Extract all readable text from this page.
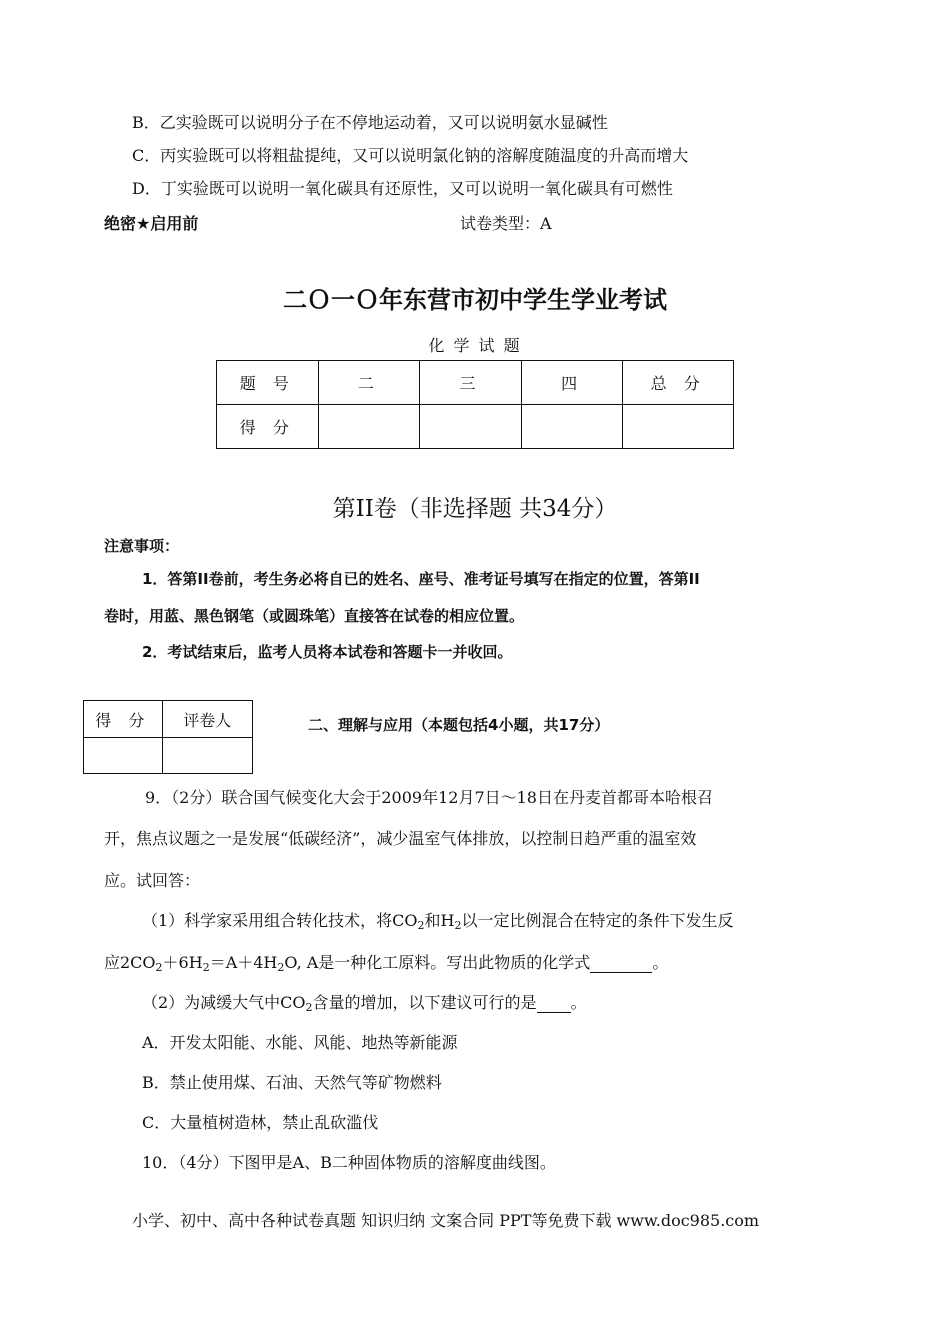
B．乙实验既可以说明分子在不停地运动着，又可以说明氨水显碱性
C．丙实验既可以将粗盐提纯，又可以说明氯化钠的溶解度随温度的升高而增大
D．丁实验既可以说明一氧化碳具有还原性，又可以说明一氧化碳具有可燃性
绝密★启用前	试卷类型：A
二Ｏ一Ｏ年东营市初中学生学业考试
化 学 试 题
题 号	二	三	四	总 分
得 分				
第II卷（非选择题 共34分）
注意事项：
1．答第II卷前，考生务必将自已的姓名、座号、准考证号填写在指定的位置，答第II
卷时，用蓝、黑色钢笔（或圆珠笔）直接答在试卷的相应位置。
2．考试结束后，监考人员将本试卷和答题卡一并收回。
得 分	评卷人
		二、理解与应用（本题包括4小题，共17分）
9．（2分）联合国气候变化大会于2009年12月7日～18日在丹麦首都哥本哈根召
开，焦点议题之一是发展“低碳经济”，减少温室气体排放，以控制日趋严重的温室效
应。试回答：
（1）科学家采用组合转化技术，将$CO_2$和$H_2$以一定比例混合在特定的条件下发生反
应$2CO_2+6H_2=A+4H_2O$, A是一种化工原料。写出此物质的化学式	。
（2）为减缓大气中$CO_2$含量的增加，以下建议可行的是 。
A．开发太阳能、水能、风能、地热等新能源
B．禁止使用煤、石油、天然气等矿物燃料
C．大量植树造林，禁止乱砍滥伐
10．（4分）下图甲是A、B二种固体物质的溶解度曲线图。
小学、初中、高中各种试卷真题 知识归纳 文案合同 PPT等免费下载 www.doc985.com
